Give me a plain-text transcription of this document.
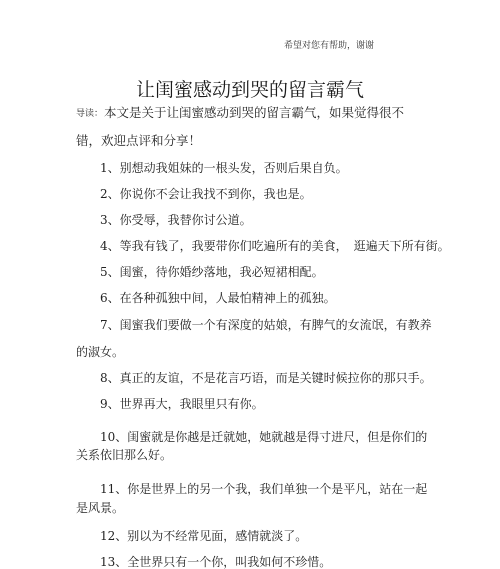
希望对您有帮助，谢谢
让闺蜜感动到哭的留言霸气
导读： 本文是关于让闺蜜感动到哭的留言霸气，如果觉得很不
错，欢迎点评和分享！
1、别想动我姐妹的一根头发，否则后果自负。
2、你说你不会让我找不到你，我也是。
3、你受辱，我替你讨公道。
4、等我有钱了，我要带你们吃遍所有的美食，　逛遍天下所有街。
5、闺蜜，待你婚纱落地，我必短裙相配。
6、在各种孤独中间，人最怕精神上的孤独。
7、闺蜜我们要做一个有深度的姑娘，有脾气的女流氓，有教养
的淑女。
8、真正的友谊，不是花言巧语，而是关键时候拉你的那只手。
9、世界再大，我眼里只有你。
10、闺蜜就是你越是迁就她，她就越是得寸进尺，但是你们的
关系依旧那么好。
11、你是世界上的另一个我，我们单独一个是平凡，站在一起
是风景。
12、别以为不经常见面，感情就淡了。
13、全世界只有一个你，叫我如何不珍惜。
